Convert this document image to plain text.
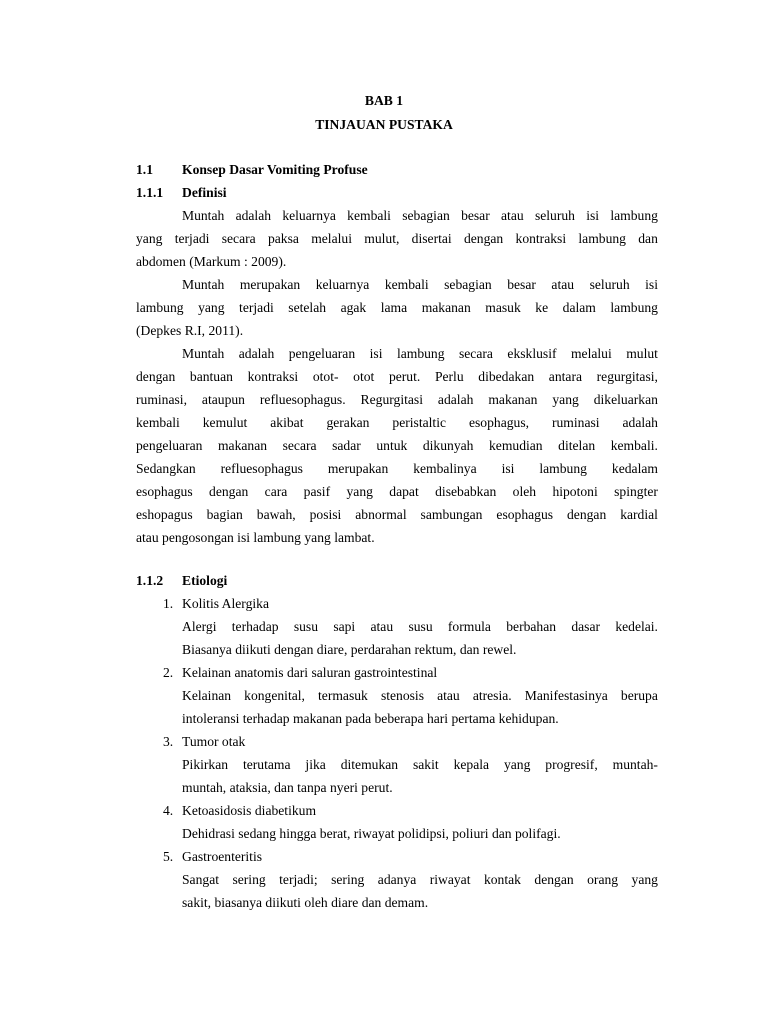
BAB 1
TINJAUAN PUSTAKA
1.1 Konsep Dasar Vomiting Profuse
1.1.1 Definisi
Muntah adalah keluarnya kembali sebagian besar atau seluruh isi lambung
yang terjadi secara paksa melalui mulut, disertai dengan kontraksi lambung dan
abdomen (Markum : 2009).
Muntah merupakan keluarnya kembali sebagian besar atau seluruh isi
lambung yang terjadi setelah agak lama makanan masuk ke dalam lambung
(Depkes R.I, 2011).
Muntah adalah pengeluaran isi lambung secara eksklusif melalui mulut
dengan bantuan kontraksi otot- otot perut. Perlu dibedakan antara regurgitasi,
ruminasi, ataupun refluesophagus. Regurgitasi adalah makanan yang dikeluarkan
kembali kemulut akibat gerakan peristaltic esophagus, ruminasi adalah
pengeluaran makanan secara sadar untuk dikunyah kemudian ditelan kembali.
Sedangkan refluesophagus merupakan kembalinya isi lambung kedalam
esophagus dengan cara pasif yang dapat disebabkan oleh hipotoni spingter
eshopagus bagian bawah, posisi abnormal sambungan esophagus dengan kardial
atau pengosongan isi lambung yang lambat.
1.1.2 Etiologi
1. Kolitis Alergika
Alergi terhadap susu sapi atau susu formula berbahan dasar kedelai.
Biasanya diikuti dengan diare, perdarahan rektum, dan rewel.
2. Kelainan anatomis dari saluran gastrointestinal
Kelainan kongenital, termasuk stenosis atau atresia. Manifestasinya berupa
intoleransi terhadap makanan pada beberapa hari pertama kehidupan.
3. Tumor otak
Pikirkan terutama jika ditemukan sakit kepala yang progresif, muntah-
muntah, ataksia, dan tanpa nyeri perut.
4. Ketoasidosis diabetikum
Dehidrasi sedang hingga berat, riwayat polidipsi, poliuri dan polifagi.
5. Gastroenteritis
Sangat sering terjadi; sering adanya riwayat kontak dengan orang yang
sakit, biasanya diikuti oleh diare dan demam.
